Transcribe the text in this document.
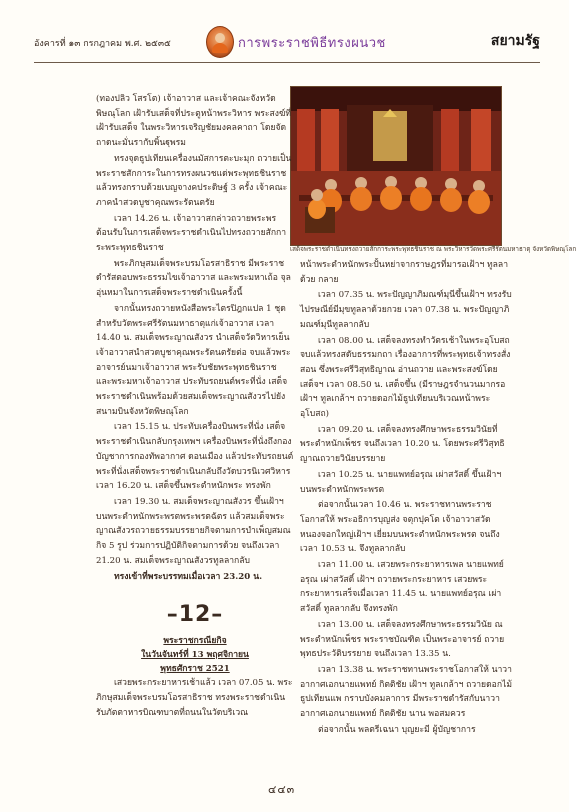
อังคารที่ ๑๓ กรกฎาคม พ.ศ. ๒๕๓๕	การพระราชพิธีทรงผนวช	สยามรัฐ
เสด็จพระราชดำเนินทรงถวายสักการะพระพุทธชินราช ณ พระวิหารวัดพระศรีรัตนมหาธาตุ จังหวัดพิษณุโลก

(ทองปลิว โสรโต) เจ้าอาวาส และเจ้าคณะจังหวัดพิษณุโลก เฝ้ารับเสด็จที่ประตูหน้าพระวิหาร พระสงฆ์ที่เฝ้ารับเสด็จ ในพระวิหารเจริญชัยมงคลคาถา โดยจัดถาดนะมั่นรากับพิ้นฐุพรม

ทรงจุดธูปเทียนเครื่องนมัสการตะบะมุก ถวายเป็นพระราชสักการะในการทรงผนวชแด่พระพุทธชินราช แล้วทรงกราบด้วยเบญจางคประดิษฐ์ 3 ครั้ง เจ้าคณะภาคนำสวดบูชาคุณพระรัตนตรัย

เวลา 14.26 น. เจ้าอาวาสกล่าวถวายพระพรต้อนรับในการเสด็จพระราชดำเนินไปทรงถวายสักการะพระพุทธชินราช

พระภิกษุสมเด็จพระบรมโอรสาธิราช มีพระราชดำรัสตอบพระธรรมไขเจ้าอาวาส และพระมหาเถ้อ จุลอุ่นหมาในการเสด็จพระราชดำเนินครั้งนี้

จากนั้นทรงถวายหนังสือพระไตรปิฎกแปล 1 ชุดสำหรับวัดพระศรีรัตนมหาธาตุแก่เจ้าอาวาส เวลา 14.40 น. สมเด็จพระญาณสังวร นำเสด็จวัดวิหารเย็น เจ้าอาวาสนำสวดบูชาคุณพระรัตนตรัยต่อ จบแล้วพระอาจารย์นมาเจ้าอาวาส พระรับชัยพระพุทธชินราช และพระมหาเจ้าอาวาส ประทับรถยนต์พระที่นั่ง เสด็จพระราชดำเนินพร้อมด้วยสมเด็จพระญาณสังวรไปยังสนามบินจังหวัดพิษณุโลก

เวลา 15.15 น. ประทับเครื่องบินพระที่นั่ง เสด็จพระราชดำเนินกลับกรุงเทพฯ เครื่องบินพระที่นั่งถึงกองบัญชาการกองทัพอากาศ ดอนเมือง แล้วประทับรถยนต์พระที่นั่งเสด็จพระราชดำเนินกลับถึงวัดบวรนิเวศวิหาร เวลา 16.20 น. เสด็จขึ้นพระตำหนักพระ ทรงพัก

เวลา 19.30 น. สมเด็จพระญาณสังวร ขึ้นเฝ้าฯ บนพระตำหนักพระพรตพระพรตฉัตร แล้วสมเด็จพระญาณสังวรถวายธรรมบรรยายกิจตามการบำเพ็ญสมณกิจ 5 รูป ร่วมการปฏิบัติกิจตามการด้วย จนถึงเวลา 21.20 น. สมเด็จพระญาณสังวรทูลลากลับ

ทรงเข้าที่พระบรรทมเมื่อเวลา 23.20 น.

–12–
พระราชกรณียกิจ
ในวันจันทร์ที่ 13 พฤศจิกายน
พุทธศักราช 2521

เสวยพระกระยาหารเช้าแล้ว เวลา 07.05 น. พระภิกษุสมเด็จพระบรมโอรสาธิราช ทรงพระราชดำเนินรับภัตตาหารบิณฑบาตที่ถนนในวัดบริเวณ

หน้าพระตำหนักพระปั้นหย่าจากราษฎรที่มารอเฝ้าฯ ทูลลาด้วย กลาย

เวลา 07.35 น. พระปัญญาภิมณฑ์มุนีขึ้นเฝ้าฯ ทรงรับไปรษณีย์มีมุขทูลลาด้วยกวย เวลา 07.38 น. พระปัญญาภิมณฑ์มุนีทูลลากลับ

เวลา 08.00 น. เสด็จลงทรงทำวัตรเช้าในพระอุโบสถ จบแล้วทรงสดับธรรมกถา เรื่องอาการที่พระพุทธเจ้าทรงสั่งสอน ซึ่งพระศรีวิสุทธิญาณ อ่านถวาย และพระสงฆ์โดยเสด็จฯ เวลา 08.50 น. เสด็จขึ้น (มีราษฎรจำนวนมากรอเฝ้าฯ ทูลเกล้าฯ ถวายดอกไม้ธูปเทียนบริเวณหน้าพระอุโบสถ)

เวลา 09.20 น. เสด็จลงทรงศึกษาพระธรรมวินัยที่พระตำหนักเพ็ชร จนถึงเวลา 10.20 น. โดยพระศรีวิสุทธิญาณถวายวินัยบรรยาย

เวลา 10.25 น. นายแพทย์อรุณ เผ่าสวัสดิ์ ขึ้นเฝ้าฯ บนพระตำหนักพระพรต

ต่อจากนั้นเวลา 10.46 น. พระราชทานพระราชโอกาสให้ พระอธิการบุญส่ง จตุกปุคโต เจ้าอาวาสวัดหนองจอกใหญ่เฝ้าฯ เยี่ยมบนพระตำหนักพระพรต จนถึงเวลา 10.53 น. จึงทูลลากลับ

เวลา 11.00 น. เสวยพระกระยาหารเพล นายแพทย์อรุณ เผ่าสวัสดิ์ เฝ้าฯ ถวายพระกระยาหาร เสวยพระกระยาหารเสร็จเมื่อเวลา 11.45 น. นายแพทย์อรุณ เผ่าสวัสดิ์ ทูลลากลับ จึงทรงพัก

เวลา 13.00 น. เสด็จลงทรงศึกษาพระธรรมวินัย ณ พระตำหนักเพ็ชร พระราชบัณฑิต เป็นพระอาจารย์ ถวายพุทธประวัติบรรยาย จนถึงเวลา 13.35 น.

เวลา 13.38 น. พระราชทานพระราชโอกาสให้ นาวาอากาศเอกนายแพทย์ กิตติชัย เฝ้าฯ ทูลเกล้าฯ ถวายดอกไม้ ธูปเทียนแพ กราบบังคมลาการ มีพระราชดำรัสกับนาวาอากาศเอกนายแพทย์ กิตติชัย นาน พอสมควร

ต่อจากนั้น พลตรีเฉนา บุญยะมี ผู้บัญชาการ

๔๔๓
